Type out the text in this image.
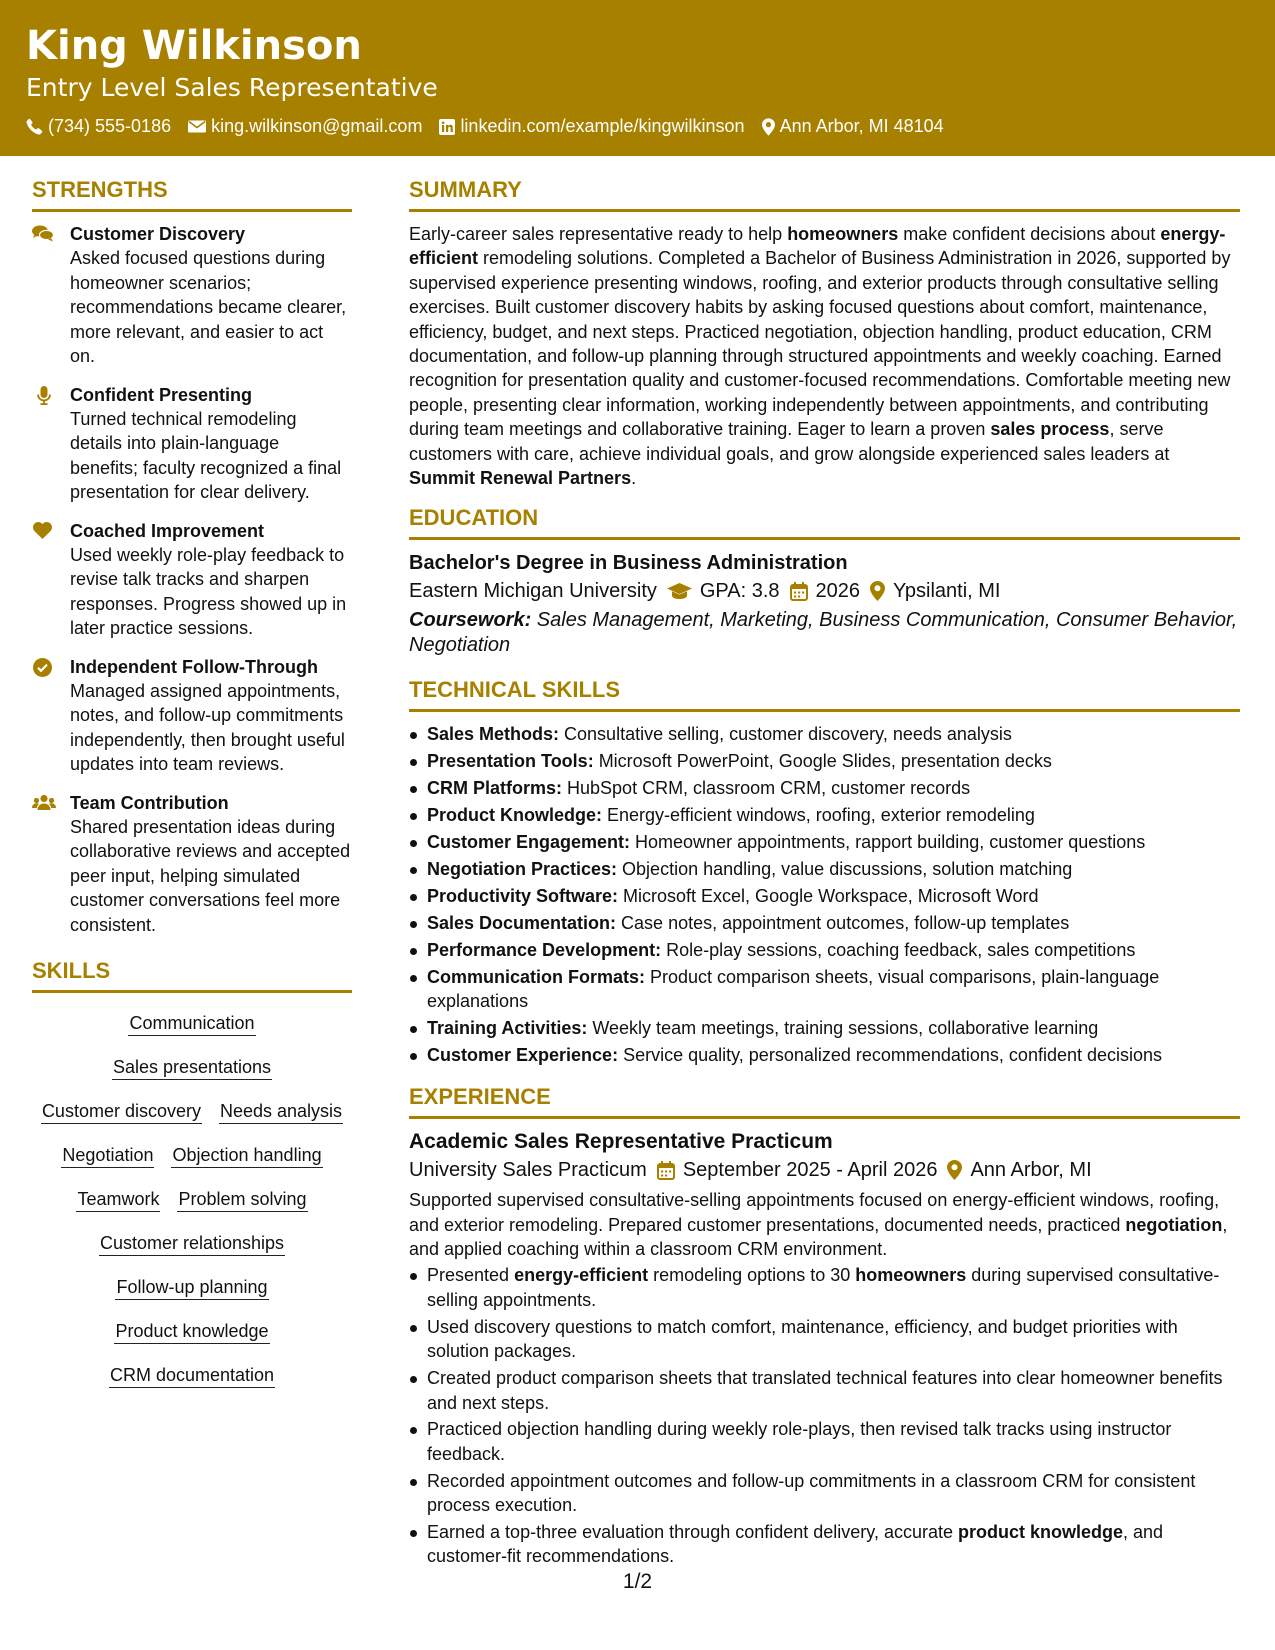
King Wilkinson
Entry Level Sales Representative
(734) 555-0186 king.wilkinson@gmail.com linkedin.com/example/kingwilkinson Ann Arbor, MI 48104
STRENGTHS
Customer Discovery
Asked focused questions during homeowner scenarios; recommendations became clearer, more relevant, and easier to act on.
Confident Presenting
Turned technical remodeling details into plain-language benefits; faculty recognized a final presentation for clear delivery.
Coached Improvement
Used weekly role-play feedback to revise talk tracks and sharpen responses. Progress showed up in later practice sessions.
Independent Follow-Through
Managed assigned appointments, notes, and follow-up commitments independently, then brought useful updates into team reviews.
Team Contribution
Shared presentation ideas during collaborative reviews and accepted peer input, helping simulated customer conversations feel more consistent.
SKILLS
Communication
Sales presentations
Customer discovery Needs analysis
Negotiation Objection handling
Teamwork Problem solving
Customer relationships
Follow-up planning
Product knowledge
CRM documentation
SUMMARY

Early-career sales representative ready to help homeowners make confident decisions about energy-efficient remodeling solutions. Completed a Bachelor of Business Administration in 2026, supported by supervised experience presenting windows, roofing, and exterior products through consultative selling exercises. Built customer discovery habits by asking focused questions about comfort, maintenance, efficiency, budget, and next steps. Practiced negotiation, objection handling, product education, CRM documentation, and follow-up planning through structured appointments and weekly coaching. Earned recognition for presentation quality and customer-focused recommendations. Comfortable meeting new people, presenting clear information, working independently between appointments, and contributing during team meetings and collaborative training. Eager to learn a proven sales process, serve customers with care, achieve individual goals, and grow alongside experienced sales leaders at Summit Renewal Partners.

EDUCATION
Bachelor's Degree in Business Administration
Eastern Michigan University GPA: 3.8 2026 Ypsilanti, MI
Coursework: Sales Management, Marketing, Business Communication, Consumer Behavior, Negotiation
TECHNICAL SKILLS
Sales Methods: Consultative selling, customer discovery, needs analysis
Presentation Tools: Microsoft PowerPoint, Google Slides, presentation decks
CRM Platforms: HubSpot CRM, classroom CRM, customer records
Product Knowledge: Energy-efficient windows, roofing, exterior remodeling
Customer Engagement: Homeowner appointments, rapport building, customer questions
Negotiation Practices: Objection handling, value discussions, solution matching
Productivity Software: Microsoft Excel, Google Workspace, Microsoft Word
Sales Documentation: Case notes, appointment outcomes, follow-up templates
Performance Development: Role-play sessions, coaching feedback, sales competitions
Communication Formats: Product comparison sheets, visual comparisons, plain-language explanations
Training Activities: Weekly team meetings, training sessions, collaborative learning
Customer Experience: Service quality, personalized recommendations, confident decisions
EXPERIENCE
Academic Sales Representative Practicum
University Sales Practicum September 2025 - April 2026 Ann Arbor, MI

Supported supervised consultative-selling appointments focused on energy-efficient windows, roofing, and exterior remodeling. Prepared customer presentations, documented needs, practiced negotiation, and applied coaching within a classroom CRM environment.

Presented energy-efficient remodeling options to 30 homeowners during supervised consultative-selling appointments.
Used discovery questions to match comfort, maintenance, efficiency, and budget priorities with solution packages.
Created product comparison sheets that translated technical features into clear homeowner benefits and next steps.
Practiced objection handling during weekly role-plays, then revised talk tracks using instructor feedback.
Recorded appointment outcomes and follow-up commitments in a classroom CRM for consistent process execution.
Earned a top-three evaluation through confident delivery, accurate product knowledge, and customer-fit recommendations.
1/2
